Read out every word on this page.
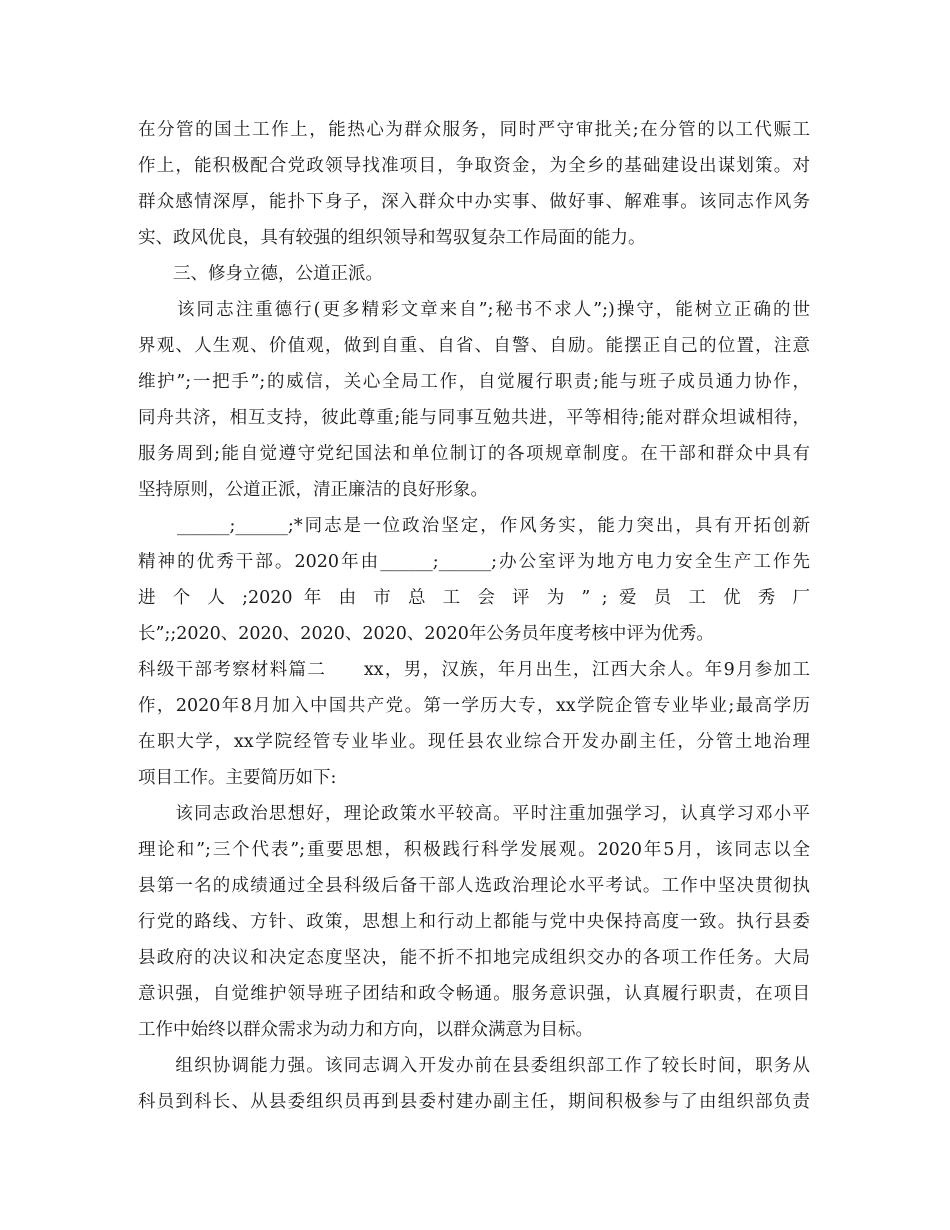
在分管的国土工作上，能热心为群众服务，同时严守审批关;在分管的以工代赈工
作上，能积极配合党政领导找准项目，争取资金，为全乡的基础建设出谋划策。对
群众感情深厚，能扑下身子，深入群众中办实事、做好事、解难事。该同志作风务
实、政风优良，具有较强的组织领导和驾驭复杂工作局面的能力。
　　三、修身立德，公道正派。
　　该同志注重德行(更多精彩文章来自”;秘书不求人”;)操守，能树立正确的世
界观、人生观、价值观，做到自重、自省、自警、自励。能摆正自己的位置，注意
维护”;一把手”;的威信，关心全局工作，自觉履行职责;能与班子成员通力协作，
同舟共济，相互支持，彼此尊重;能与同事互勉共进，平等相待;能对群众坦诚相待，
服务周到;能自觉遵守党纪国法和单位制订的各项规章制度。在干部和群众中具有
坚持原则，公道正派，清正廉洁的良好形象。
　　______;______;*同志是一位政治坚定，作风务实，能力突出，具有开拓创新
精神的优秀干部。2020年由______;______;办公室评为地方电力安全生产工作先
进 个 人 ;2020 年 由 市 总 工 会 评 为 ” ; 爱 员 工 优 秀 厂
长”;;2020、2020、2020、2020、2020年公务员年度考核中评为优秀。
科级干部考察材料篇二　　xx，男，汉族，年月出生，江西大余人。年9月参加工
作，2020年8月加入中国共产党。第一学历大专，xx学院企管专业毕业;最高学历
在职大学，xx学院经管专业毕业。现任县农业综合开发办副主任，分管土地治理
项目工作。主要简历如下:
　　该同志政治思想好，理论政策水平较高。平时注重加强学习，认真学习邓小平
理论和”;三个代表”;重要思想，积极践行科学发展观。2020年5月，该同志以全
县第一名的成绩通过全县科级后备干部人选政治理论水平考试。工作中坚决贯彻执
行党的路线、方针、政策，思想上和行动上都能与党中央保持高度一致。执行县委
县政府的决议和决定态度坚决，能不折不扣地完成组织交办的各项工作任务。大局
意识强，自觉维护领导班子团结和政令畅通。服务意识强，认真履行职责，在项目
工作中始终以群众需求为动力和方向，以群众满意为目标。
　　组织协调能力强。该同志调入开发办前在县委组织部工作了较长时间，职务从
科员到科长、从县委组织员再到县委村建办副主任，期间积极参与了由组织部负责
